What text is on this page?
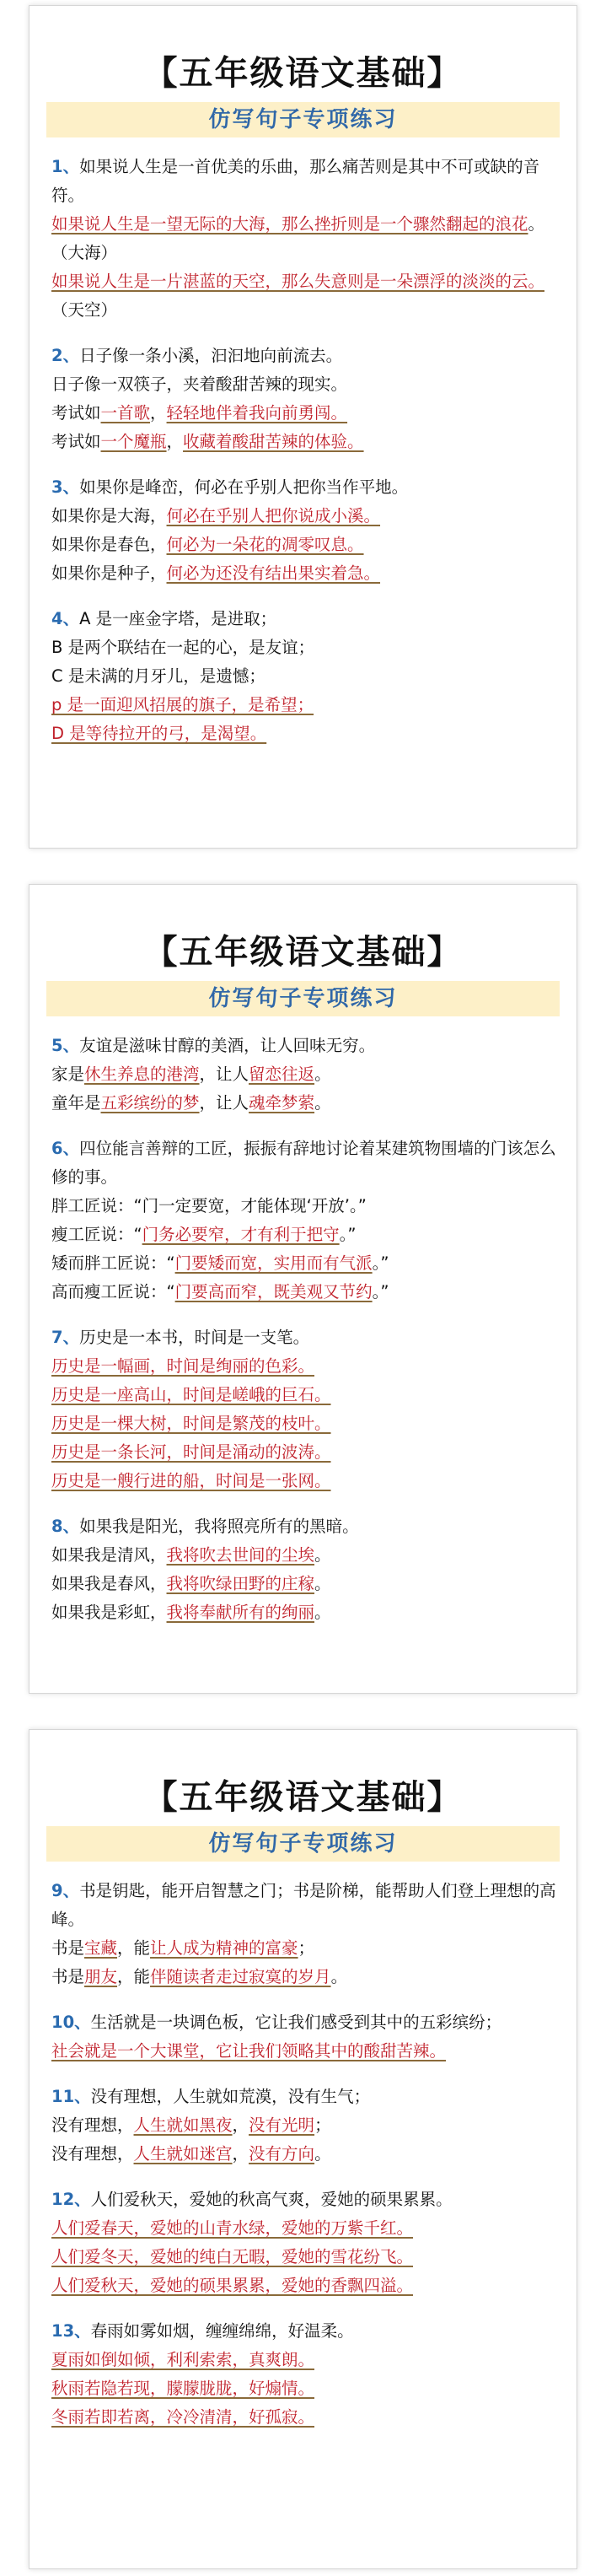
【五年级语文基础】
仿写句子专项练习
1、如果说人生是一首优美的乐曲，那么痛苦则是其中不可或缺的音符。
如果说人生是一望无际的大海，那么挫折则是一个骤然翻起的浪花。（大海）
如果说人生是一片湛蓝的天空，那么失意则是一朵漂浮的淡淡的云。（天空）
2、日子像一条小溪，汩汩地向前流去。
日子像一双筷子，夹着酸甜苦辣的现实。
考试如一首歌，轻轻地伴着我向前勇闯。
考试如一个魔瓶，收藏着酸甜苦辣的体验。
3、如果你是峰峦，何必在乎别人把你当作平地。
如果你是大海，何必在乎别人把你说成小溪。
如果你是春色，何必为一朵花的凋零叹息。
如果你是种子，何必为还没有结出果实着急。
4、A 是一座金字塔，是进取；
B 是两个联结在一起的心，是友谊；
C 是未满的月牙儿，是遗憾；
p 是一面迎风招展的旗子，是希望；
D 是等待拉开的弓，是渴望。
【五年级语文基础】
仿写句子专项练习
5、友谊是滋味甘醇的美酒，让人回味无穷。
家是休生养息的港湾，让人留恋往返。
童年是五彩缤纷的梦，让人魂牵梦萦。
6、四位能言善辩的工匠，振振有辞地讨论着某建筑物围墙的门该怎么修的事。
胖工匠说：“门一定要宽，才能体现‘开放’。”
瘦工匠说：“门务必要窄，才有利于把守。”
矮而胖工匠说：“门要矮而宽，实用而有气派。”
高而瘦工匠说：“门要高而窄，既美观又节约。”
7、历史是一本书，时间是一支笔。
历史是一幅画，时间是绚丽的色彩。
历史是一座高山，时间是嵯峨的巨石。
历史是一棵大树，时间是繁茂的枝叶。
历史是一条长河，时间是涌动的波涛。
历史是一艘行进的船，时间是一张网。
8、如果我是阳光，我将照亮所有的黑暗。
如果我是清风，我将吹去世间的尘埃。
如果我是春风，我将吹绿田野的庄稼。
如果我是彩虹，我将奉献所有的绚丽。
【五年级语文基础】
仿写句子专项练习
9、书是钥匙，能开启智慧之门；书是阶梯，能帮助人们登上理想的高峰。
书是宝藏，能让人成为精神的富豪；
书是朋友，能伴随读者走过寂寞的岁月。
10、生活就是一块调色板，它让我们感受到其中的五彩缤纷；
社会就是一个大课堂，它让我们领略其中的酸甜苦辣。
11、没有理想，人生就如荒漠，没有生气；
没有理想，人生就如黑夜，没有光明；
没有理想，人生就如迷宫，没有方向。
12、人们爱秋天，爱她的秋高气爽，爱她的硕果累累。
人们爱春天，爱她的山青水绿，爱她的万紫千红。
人们爱冬天，爱她的纯白无暇，爱她的雪花纷飞。
人们爱秋天，爱她的硕果累累，爱她的香飘四溢。
13、春雨如雾如烟，缠缠绵绵，好温柔。
夏雨如倒如倾，利利索索，真爽朗。
秋雨若隐若现，朦朦胧胧，好煽情。
冬雨若即若离，冷冷清清，好孤寂。
